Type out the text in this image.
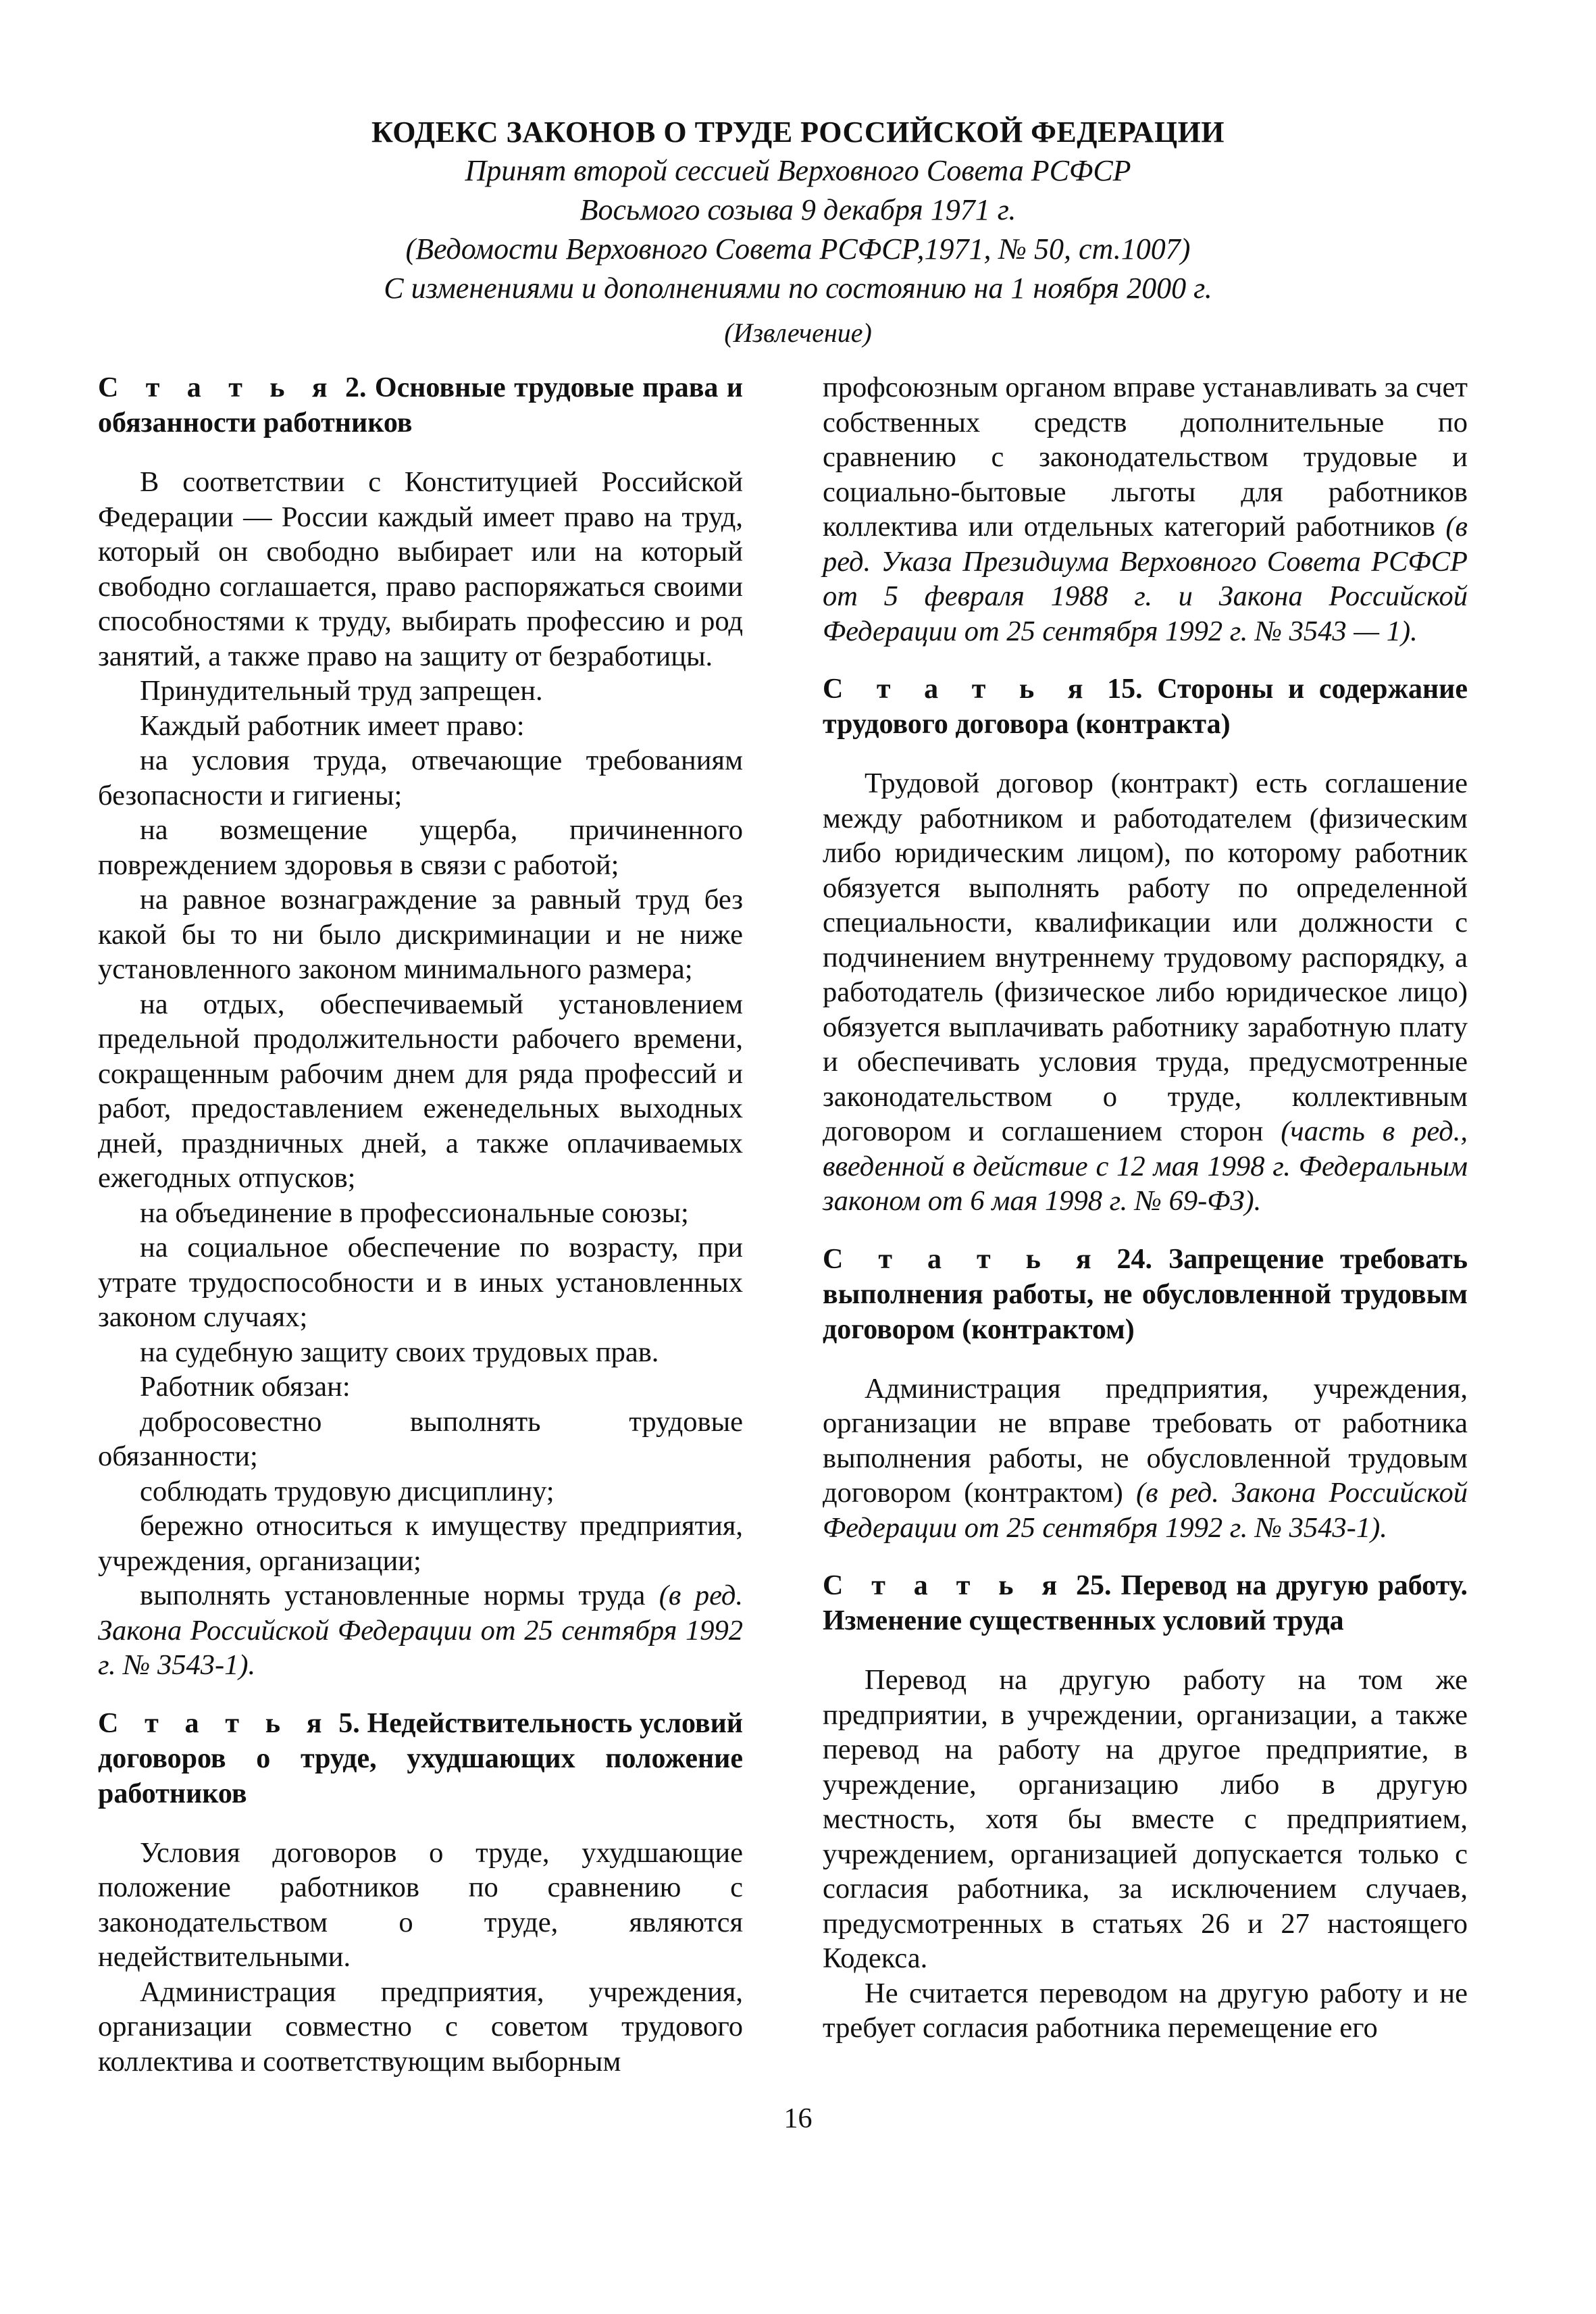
КОДЕКС ЗАКОНОВ О ТРУДЕ РОССИЙСКОЙ ФЕДЕРАЦИИ
Принят второй сессией Верховного Совета РСФСР
Восьмого созыва 9 декабря 1971 г.
(Ведомости Верховного Совета РСФСР,1971, № 50, ст.1007)
С изменениями и дополнениями по состоянию на 1 ноября 2000 г.
(Извлечение)
С т а т ь я 2. Основные трудовые права и обязанности работников

В соответствии с Конституцией Российской Федерации — России каждый имеет право на труд, который он свободно выбирает или на который свободно соглашается, право распоряжаться своими способностями к труду, выбирать профессию и род занятий, а также право на защиту от безработицы.

Принудительный труд запрещен.

Каждый работник имеет право:

на условия труда, отвечающие требованиям безопасности и гигиены;

на возмещение ущерба, причиненного повреждением здоровья в связи с работой;

на равное вознаграждение за равный труд без какой бы то ни было дискриминации и не ниже установленного законом минимального размера;

на отдых, обеспечиваемый установлением предельной продолжительности рабочего времени, сокращенным рабочим днем для ряда профессий и работ, предоставлением еженедельных выходных дней, праздничных дней, а также оплачиваемых ежегодных отпусков;

на объединение в профессиональные союзы;

на социальное обеспечение по возрасту, при утрате трудоспособности и в иных установленных законом случаях;

на судебную защиту своих трудовых прав.

Работник обязан:

добросовестно выполнять трудовые обязанности;

соблюдать трудовую дисциплину;

бережно относиться к имуществу предприятия, учреждения, организации;

выполнять установленные нормы труда (в ред. Закона Российской Федерации от 25 сентября 1992 г. № 3543-1).

С т а т ь я 5. Недействительность условий договоров о труде, ухудшающих положение работников

Условия договоров о труде, ухудшающие положение работников по сравнению с законодательством о труде, являются недействительными.

Администрация предприятия, учреждения, организации совместно с советом трудового коллектива и соответствующим выборным

профсоюзным органом вправе устанавливать за счет собственных средств дополнительные по сравнению с законодательством трудовые и социально-бытовые льготы для работников коллектива или отдельных категорий работников (в ред. Указа Президиума Верховного Совета РСФСР от 5 февраля 1988 г. и Закона Российской Федерации от 25 сентября 1992 г. № 3543 — 1).

С т а т ь я 15. Стороны и содержание трудового договора (контракта)

Трудовой договор (контракт) есть соглашение между работником и работодателем (физическим либо юридическим лицом), по которому работник обязуется выполнять работу по определенной специальности, квалификации или должности с подчинением внутреннему трудовому распорядку, а работодатель (физическое либо юридическое лицо) обязуется выплачивать работнику заработную плату и обеспечивать условия труда, предусмотренные законодательством о труде, коллективным договором и соглашением сторон (часть в ред., введенной в действие с 12 мая 1998 г. Федеральным законом от 6 мая 1998 г. № 69-ФЗ).

С т а т ь я 24. Запрещение требовать выполнения работы, не обусловленной трудовым договором (контрактом)

Администрация предприятия, учреждения, организации не вправе требовать от работника выполнения работы, не обусловленной трудовым договором (контрактом) (в ред. Закона Российской Федерации от 25 сентября 1992 г. № 3543-1).

С т а т ь я 25. Перевод на другую работу. Изменение существенных условий труда

Перевод на другую работу на том же предприятии, в учреждении, организации, а также перевод на работу на другое предприятие, в учреждение, организацию либо в другую местность, хотя бы вместе с предприятием, учреждением, организацией допускается только с согласия работника, за исключением случаев, предусмотренных в статьях 26 и 27 настоящего Кодекса.

Не считается переводом на другую работу и не требует согласия работника перемещение его

16
